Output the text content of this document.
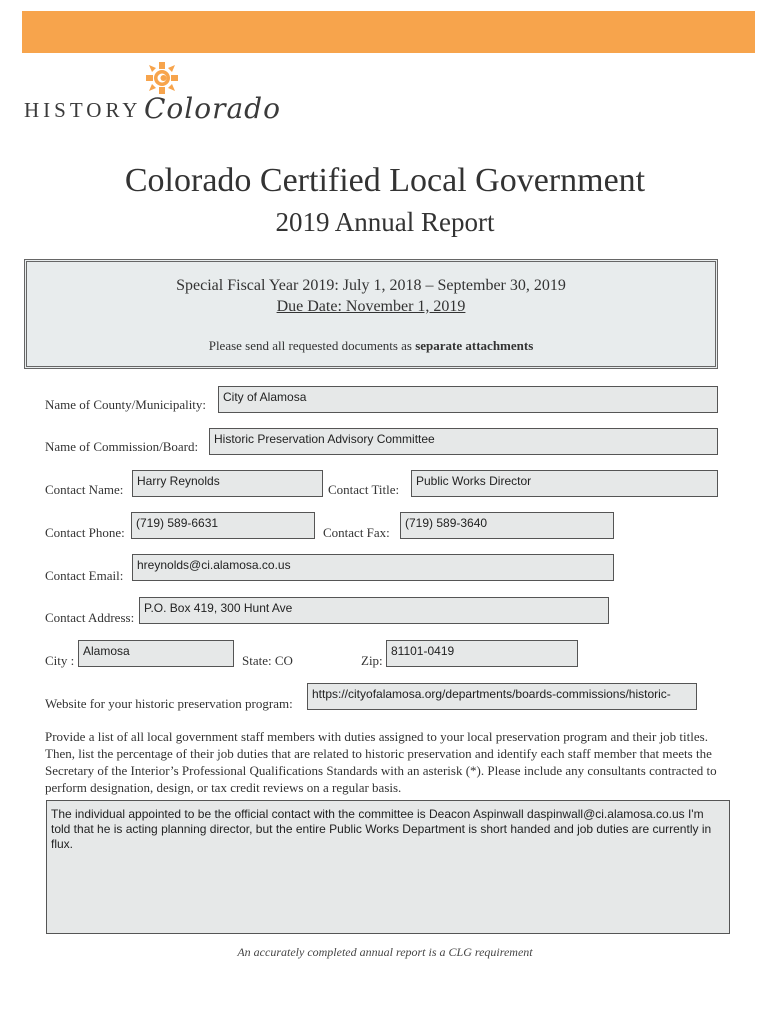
HISTORY Colorado
Colorado Certified Local Government
2019 Annual Report
Special Fiscal Year 2019: July 1, 2018 – September 30, 2019
Due Date: November 1, 2019
Please send all requested documents as separate attachments
Name of County/Municipality:	City of Alamosa
Name of Commission/Board:	Historic Preservation Advisory Committee
Contact Name:
Harry Reynolds
Contact Title:
Public Works Director
Contact Phone:
(719) 589-6631
Contact Fax:
(719) 589-3640
Contact Email:
hreynolds@ci.alamosa.co.us
Contact Address:
P.O. Box 419, 300 Hunt Ave
City :
Alamosa
State: CO	Zip:
81101-0419
Website for your historic preservation program:
https://cityofalamosa.org/departments/boards-commissions/historic-
Provide a list of all local government staff members with duties assigned to your local preservation program and their job titles. Then, list the percentage of their job duties that are related to historic preservation and identify each staff member that meets the Secretary of the Interior’s Professional Qualifications Standards with an asterisk (*). Please include any consultants contracted to perform designation, design, or tax credit reviews on a regular basis.
The individual appointed to be the official contact with the committee is Deacon Aspinwall daspinwall@ci.alamosa.co.us I'm told that he is acting planning director, but the entire Public Works Department is short handed and job duties are currently in flux.
An accurately completed annual report is a CLG requirement
